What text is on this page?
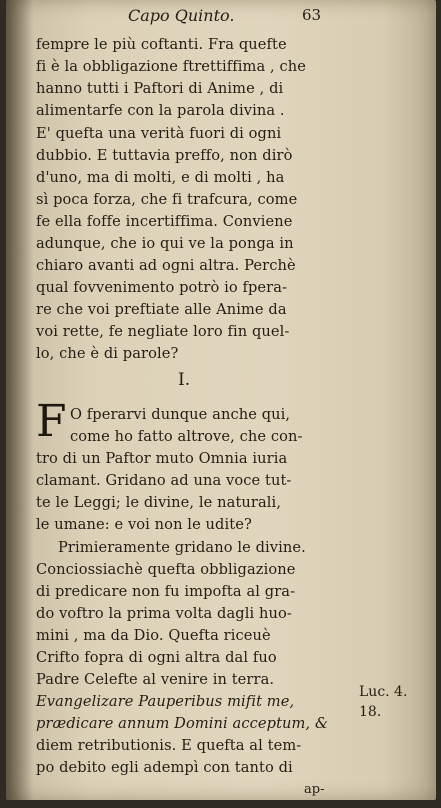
Capo Quinto.	63
fempre le più coftanti. Fra quefte
fi è la obbligazione ftrettiffima , che
hanno tutti i Paftori di Anime , di
alimentarfe con la parola divina .
E' quefta una verità fuori di ogni
dubbio. E tuttavia preffo, non dirò
d'uno, ma di molti, e di molti , ha
sì poca forza, che fi trafcura, come
fe ella foffe incertiffima. Conviene
adunque, che io qui ve la ponga in
chiaro avanti ad ogni altra. Perchè
qual fovvenimento potrò io fpera-
re che voi preftiate alle Anime da
voi rette, fe negliate loro fin quel-
lo, che è di parole?
I.
F O fperarvi dunque anche qui,
come ho fatto altrove, che con-
tro di un Paftor muto Omnia iuria
clamant. Gridano ad una voce tut-
te le Leggi; le divine, le naturali,
le umane: e voi non le udite?
Primieramente gridano le divine.
Conciossiachè quefta obbligazione
di predicare non fu impofta al gra-
do voftro la prima volta dagli huo-
mini , ma da Dio. Quefta riceuè
Crifto fopra di ogni altra dal fuo
Padre Celefte al venire in terra.
Evangelizare Pauperibus mifit me,
prædicare annum Domini acceptum, &
diem retributionis. E quefta al tem-
po debito egli adempì con tanto di
Luc. 4.
18.
ap-
